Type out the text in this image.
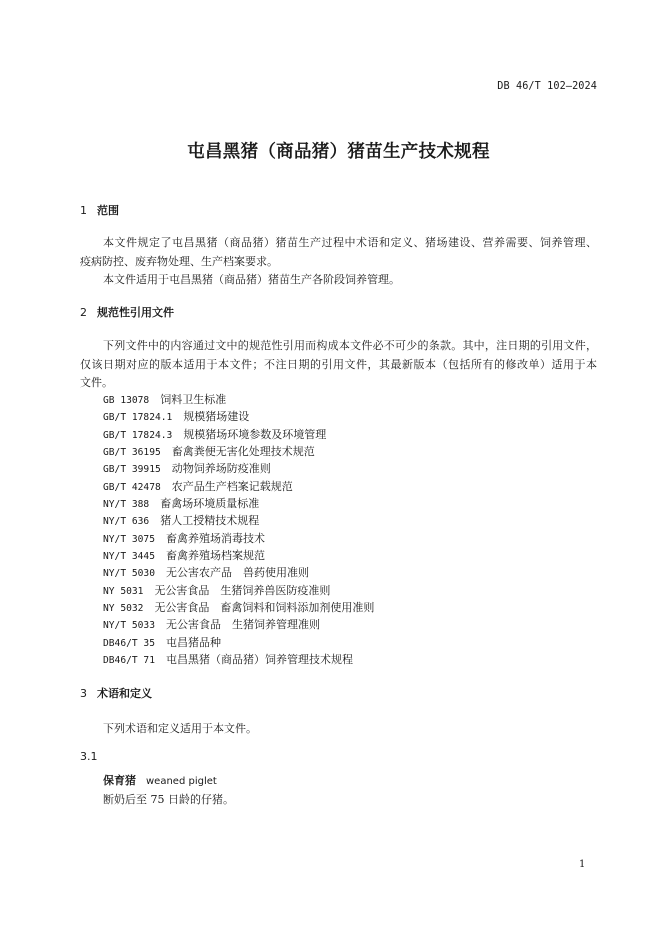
DB 46/T 102—2024
屯昌黑猪（商品猪）猪苗生产技术规程
1 范围
本文件规定了屯昌黑猪（商品猪）猪苗生产过程中术语和定义、猪场建设、营养需要、饲养管理、
疫病防控、废弃物处理、生产档案要求。
本文件适用于屯昌黑猪（商品猪）猪苗生产各阶段饲养管理。
2 规范性引用文件
下列文件中的内容通过文中的规范性引用而构成本文件必不可少的条款。其中，注日期的引用文件，
仅该日期对应的版本适用于本文件；不注日期的引用文件，其最新版本（包括所有的修改单）适用于本
文件。
GB 13078 饲料卫生标准
GB/T 17824.1 规模猪场建设
GB/T 17824.3 规模猪场环境参数及环境管理
GB/T 36195 畜禽粪便无害化处理技术规范
GB/T 39915 动物饲养场防疫准则
GB/T 42478 农产品生产档案记载规范
NY/T 388 畜禽场环境质量标准
NY/T 636 猪人工授精技术规程
NY/T 3075 畜禽养殖场消毒技术
NY/T 3445 畜禽养殖场档案规范
NY/T 5030 无公害农产品　兽药使用准则
NY 5031 无公害食品　生猪饲养兽医防疫准则
NY 5032 无公害食品　畜禽饲料和饲料添加剂使用准则
NY/T 5033 无公害食品　生猪饲养管理准则
DB46/T 35 屯昌猪品种
DB46/T 71 屯昌黑猪（商品猪）饲养管理技术规程
3 术语和定义
下列术语和定义适用于本文件。
3.1
保育猪 weaned piglet
断奶后至 75 日龄的仔猪。
1
